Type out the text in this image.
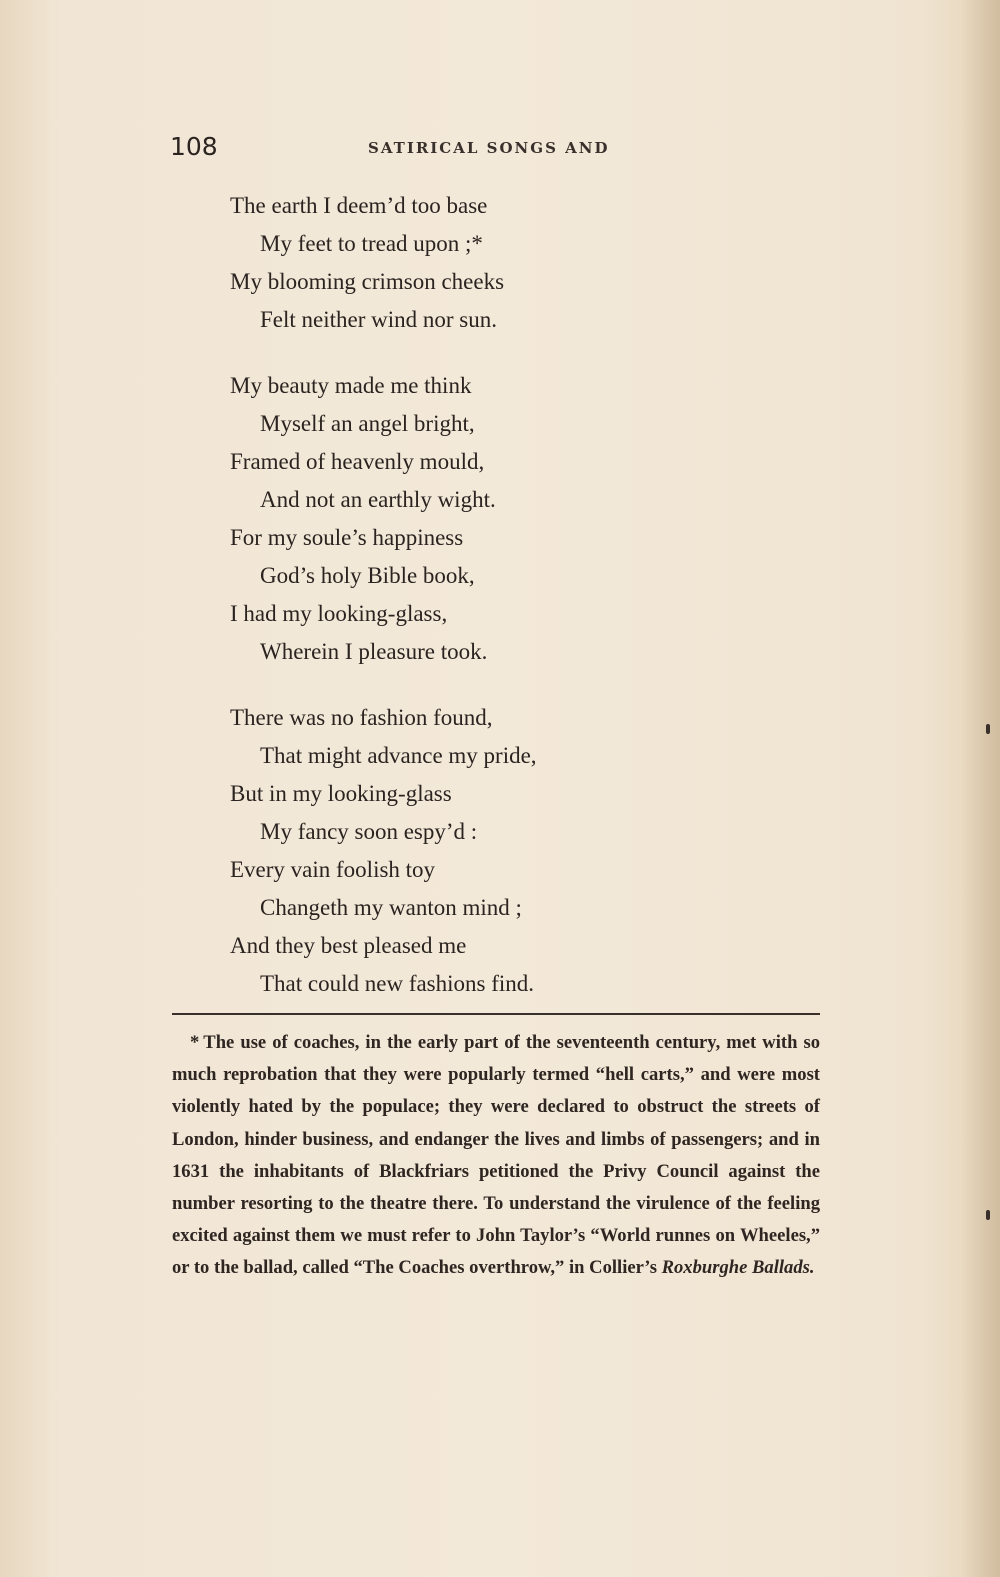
108	SATIRICAL SONGS AND
The earth I deem’d too base
My feet to tread upon ;*
My blooming crimson cheeks
Felt neither wind nor sun.
My beauty made me think
Myself an angel bright,
Framed of heavenly mould,
And not an earthly wight.
For my soule’s happiness
God’s holy Bible book,
I had my looking-glass,
Wherein I pleasure took.
There was no fashion found,
That might advance my pride,
But in my looking-glass
My fancy soon espy’d :
Every vain foolish toy
Changeth my wanton mind ;
And they best pleased me
That could new fashions find.
* The use of coaches, in the early part of the seventeenth century, met with so much reprobation that they were popularly termed “hell carts,” and were most violently hated by the populace; they were declared to obstruct the streets of London, hinder business, and endanger the lives and limbs of passengers; and in 1631 the inhabitants of Blackfriars petitioned the Privy Council against the number resorting to the theatre there. To understand the virulence of the feeling excited against them we must refer to John Taylor’s “World runnes on Wheeles,” or to the ballad, called “The Coaches overthrow,” in Collier’s Roxburghe Ballads.
